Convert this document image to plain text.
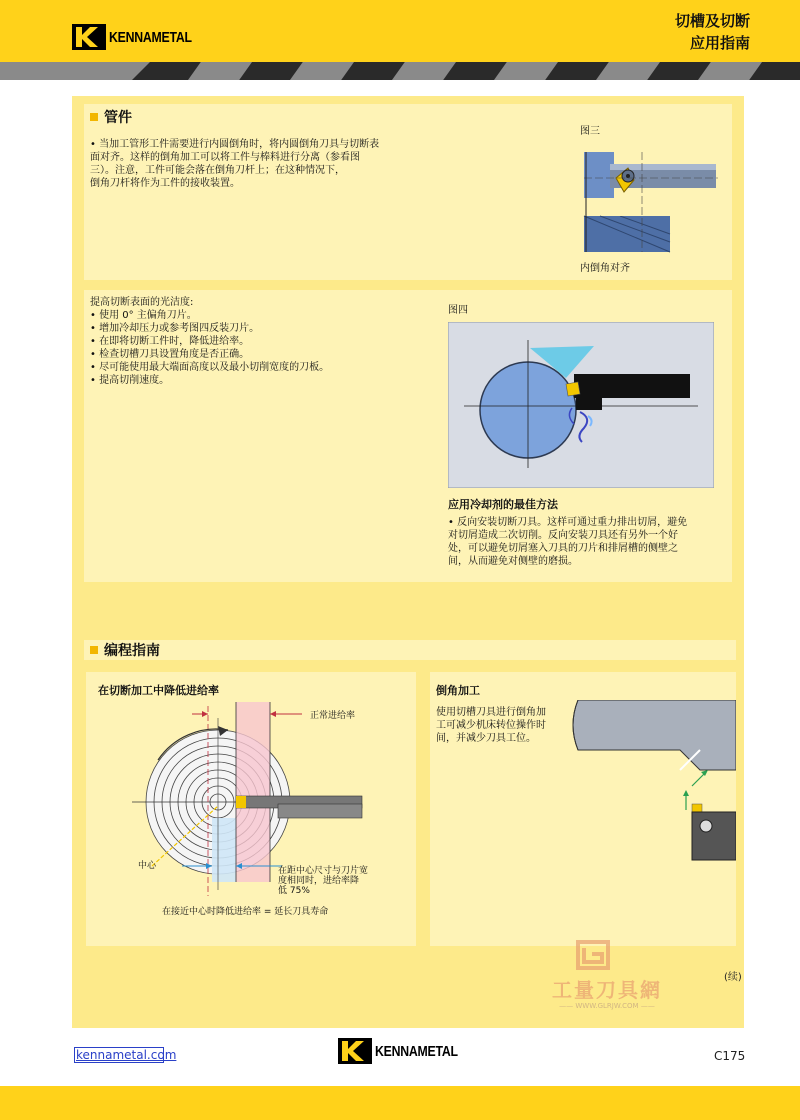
KENNAMETAL
切槽及切断
应用指南
管件
• 当加工管形工件需要进行内圆倒角时，将内圆倒角刀具与切断表
面对齐。这样的倒角加工可以将工件与棒料进行分离（参看图
三）。注意，工件可能会落在倒角刀杆上；在这种情况下，
倒角刀杆将作为工件的接收装置。
图三
内倒角对齐

提高切断表面的光洁度:

• 使用 0° 主偏角刀片。

• 增加冷却压力或参考图四反装刀片。

• 在即将切断工件时，降低进给率。

• 检查切槽刀具设置角度是否正确。

• 尽可能使用最大端面高度以及最小切削宽度的刀板。

• 提高切削速度。

图四
应用冷却剂的最佳方法
• 反向安装切断刀具。这样可通过重力排出切屑，避免
对切屑造成二次切削。反向安装刀具还有另外一个好
处，可以避免切屑塞入刀具的刀片和排屑槽的侧壁之
间，从而避免对侧壁的磨损。
编程指南
在切断加工中降低进给率
正常进给率
中心	在距中心尺寸与刀片宽
度相同时，进给率降
低 75%
在接近中心时降低进给率 = 延长刀具寿命
倒角加工
使用切槽刀具进行倒角加
工可减少机床转位操作时
间，并减少刀具工位。
(续)
工量刀具網
—— WWW.GLRJW.COM ——
kennametal.com	KENNAMETAL	C175
